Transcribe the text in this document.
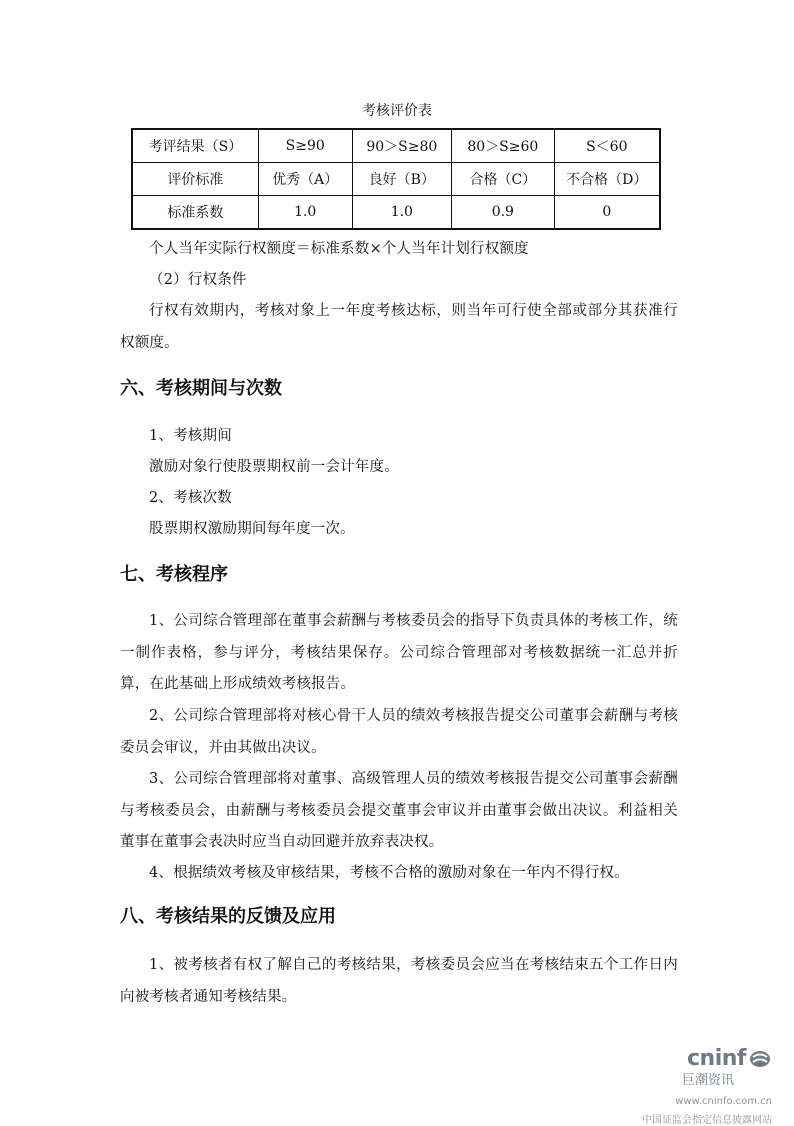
考核评价表
考评结果（S）	S≥90	90＞S≥80	80＞S≥60	S＜60
评价标准	优秀（A）	良好（B）	合格（C）	不合格（D）
标准系数	1.0	1.0	0.9	0

个人当年实际行权额度＝标准系数×个人当年计划行权额度

（2）行权条件

行权有效期内，考核对象上一年度考核达标，则当年可行使全部或部分其获准行权额度。

六、考核期间与次数

1、考核期间

激励对象行使股票期权前一会计年度。

2、考核次数

股票期权激励期间每年度一次。

七、考核程序

1、公司综合管理部在董事会薪酬与考核委员会的指导下负责具体的考核工作，统一制作表格，参与评分，考核结果保存。公司综合管理部对考核数据统一汇总并折算，在此基础上形成绩效考核报告。

2、公司综合管理部将对核心骨干人员的绩效考核报告提交公司董事会薪酬与考核委员会审议，并由其做出决议。

3、公司综合管理部将对董事、高级管理人员的绩效考核报告提交公司董事会薪酬与考核委员会，由薪酬与考核委员会提交董事会审议并由董事会做出决议。利益相关董事在董事会表决时应当自动回避并放弃表决权。

4、根据绩效考核及审核结果，考核不合格的激励对象在一年内不得行权。

八、考核结果的反馈及应用

1、被考核者有权了解自己的考核结果，考核委员会应当在考核结束五个工作日内向被考核者通知考核结果。

cninf
巨潮资讯
www.cninfo.com.cn
中国证监会指定信息披露网站
